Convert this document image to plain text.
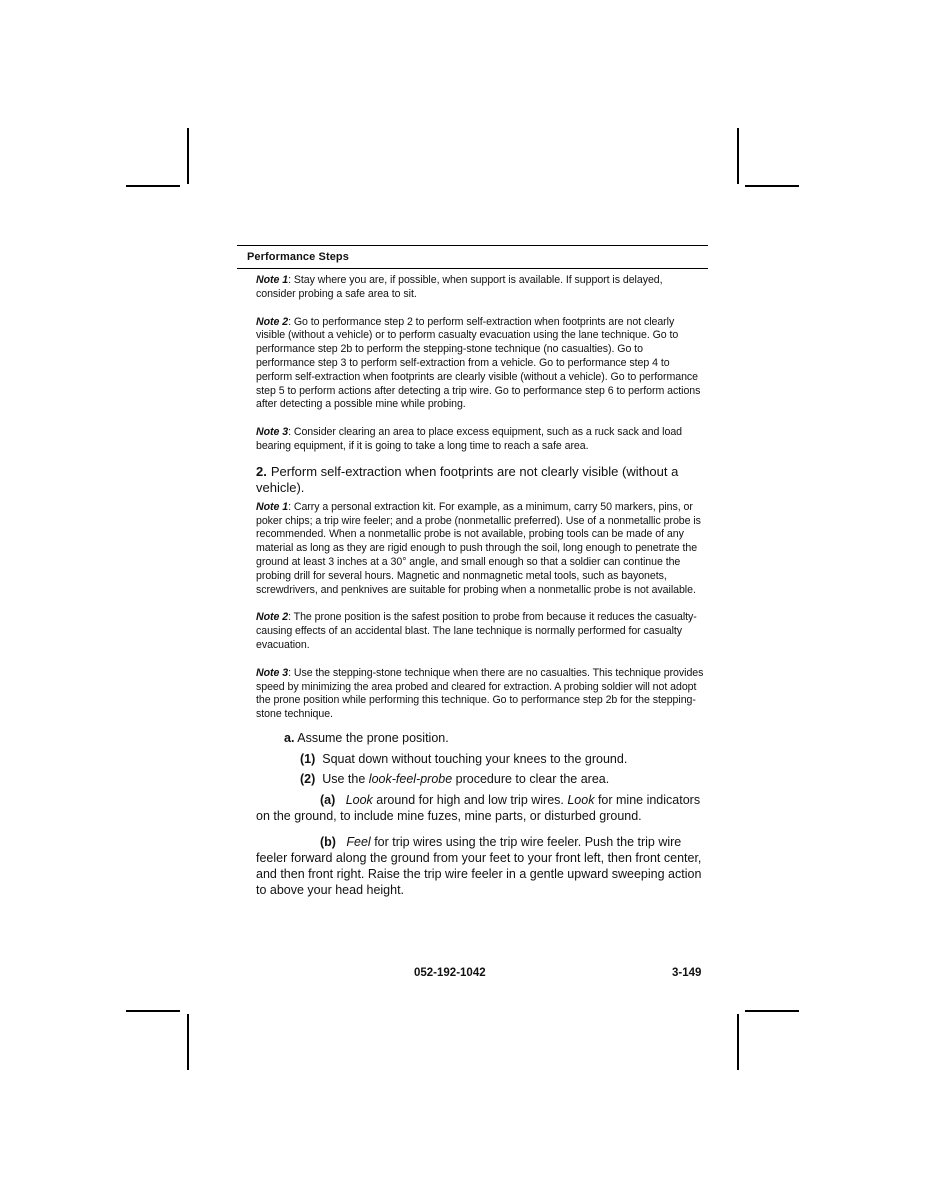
Performance Steps

Note 1: Stay where you are, if possible, when support is available. If support is delayed, consider probing a safe area to sit.

Note 2: Go to performance step 2 to perform self-extraction when footprints are not clearly visible (without a vehicle) or to perform casualty evacuation using the lane technique. Go to performance step 2b to perform the stepping-stone technique (no casualties). Go to performance step 3 to perform self-extraction from a vehicle. Go to performance step 4 to perform self-extraction when footprints are clearly visible (without a vehicle). Go to performance step 5 to perform actions after detecting a trip wire. Go to performance step 6 to perform actions after detecting a possible mine while probing.

Note 3: Consider clearing an area to place excess equipment, such as a ruck sack and load bearing equipment, if it is going to take a long time to reach a safe area.

2. Perform self-extraction when footprints are not clearly visible (without a vehicle).

Note 1: Carry a personal extraction kit. For example, as a minimum, carry 50 markers, pins, or poker chips; a trip wire feeler; and a probe (nonmetallic preferred). Use of a nonmetallic probe is recommended. When a nonmetallic probe is not available, probing tools can be made of any material as long as they are rigid enough to push through the soil, long enough to penetrate the ground at least 3 inches at a 30° angle, and small enough so that a soldier can continue the probing drill for several hours. Magnetic and nonmagnetic metal tools, such as bayonets, screwdrivers, and penknives are suitable for probing when a nonmetallic probe is not available.

Note 2: The prone position is the safest position to probe from because it reduces the casualty-causing effects of an accidental blast. The lane technique is normally performed for casualty evacuation.

Note 3: Use the stepping-stone technique when there are no casualties. This technique provides speed by minimizing the area probed and cleared for extraction. A probing soldier will not adopt the prone position while performing this technique. Go to performance step 2b for the stepping-stone technique.

a. Assume the prone position.

(1) Squat down without touching your knees to the ground.

(2) Use the look-feel-probe procedure to clear the area.

(a) Look around for high and low trip wires. Look for mine indicators on the ground, to include mine fuzes, mine parts, or disturbed ground.

(b) Feel for trip wires using the trip wire feeler. Push the trip wire feeler forward along the ground from your feet to your front left, then front center, and then front right. Raise the trip wire feeler in a gentle upward sweeping action to above your head height.

052-192-1042	3-149
